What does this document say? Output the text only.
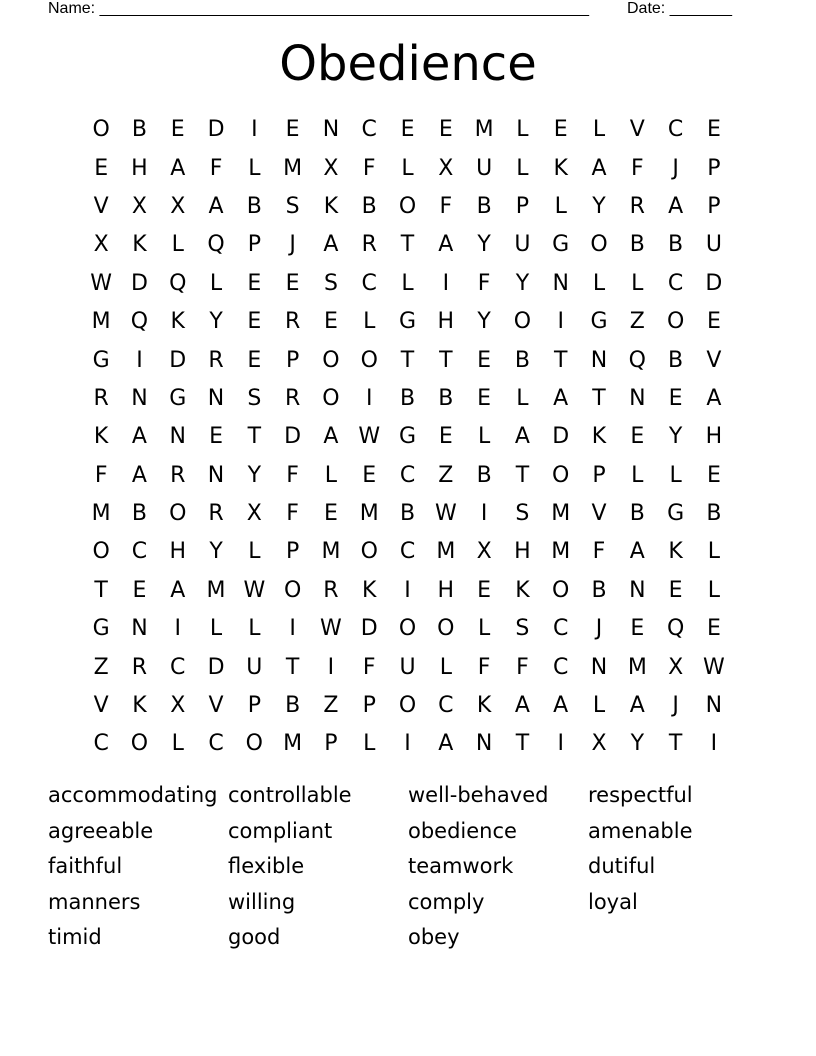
Name: _______________________________________________________ Date: _______
Obedience
O	B	E	D	I	E	N	C	E	E M	L	E	L	V	C	E
E	H	A	F	L	M X	F	L	X	U	L	K	A	F	J	P
V	X	X	A	B	S	K	B	O	F	B	P	L	Y	R	A	P
X	K	L	Q	P	J	A	R	T	A	Y	U G O	B	B	U
W D Q	L	E	E	S	C	L	I	F	Y	N	L	L	C	D
M Q	K	Y	E	R	E	L	G H	Y	O	I	G	Z	O	E
G	I	D	R	E	P	O O	T	T	E	B	T	N Q	B	V
R	N G N	S	R O	I	B	B	E	L	A	T	N	E	A
K	A	N	E	T	D	A W G	E	L	A	D	K	E	Y	H
F	A	R	N	Y	F	L	E	C	Z	B	T	O	P	L	L	E
M B	O R	X	F	E M B W	I	S M V	B	G	B
O C	H	Y	L	P	M O C M X	H M	F	A	K	L
T	E	A M W O R	K	I	H	E	K	O	B	N	E	L
G N	I	L	L	I	W D O O	L	S	C	J	E	Q	E
Z	R	C	D U	T	I	F	U	L	F	F	C	N M X W
V	K	X	V	P	B	Z	P	O C	K	A	A	L	A	J	N
C O	L	C O M	P	L	I	A	N	T	I	X	Y	T	I
accommodating controllable	well-behaved	respectful
agreeable	compliant	obedience	amenable
faithful	flexible	teamwork	dutiful
manners	willing	comply	loyal
timid	good	obey
